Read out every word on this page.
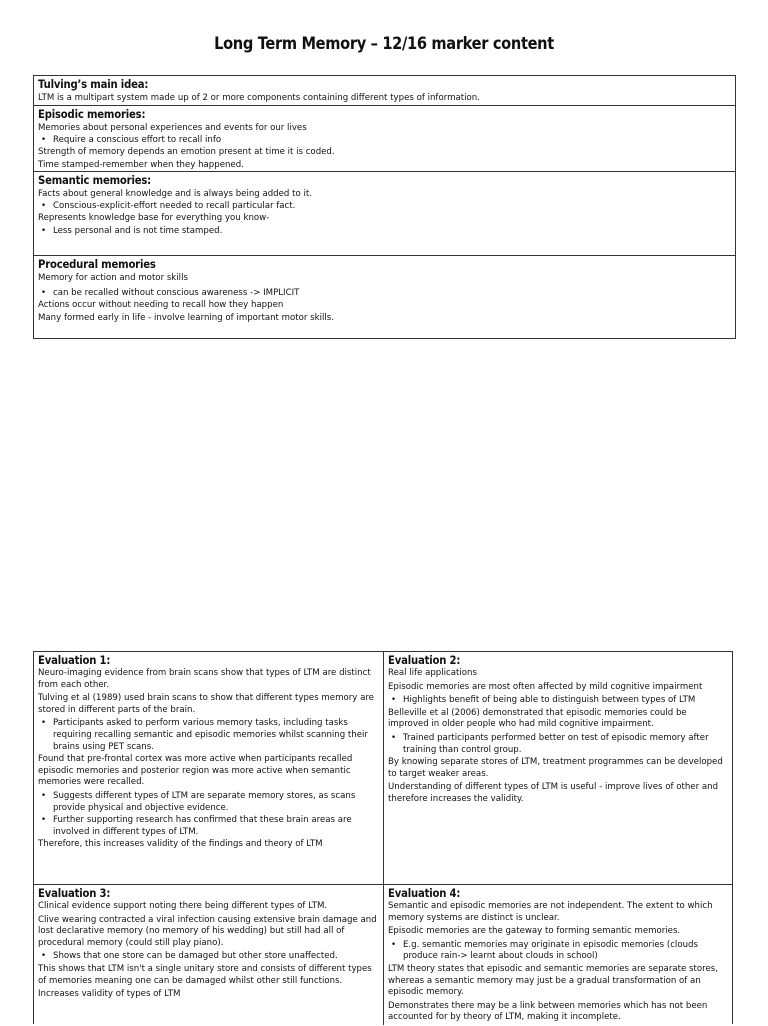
Long Term Memory – 12/16 marker content
Tulving’s main idea:
LTM is a multipart system made up of 2 or more components containing different types of information.
Episodic memories:
Memories about personal experiences and events for our lives
• Require a conscious effort to recall info
Strength of memory depends an emotion present at time it is coded.
Time stamped-remember when they happened.
Semantic memories:
Facts about general knowledge and is always being added to it.
• Conscious-explicit-effort needed to recall particular fact.
Represents knowledge base for everything you know-
• Less personal and is not time stamped.
Procedural memories
Memory for action and motor skills
• can be recalled without conscious awareness -> IMPLICIT
Actions occur without needing to recall how they happen
Many formed early in life - involve learning of important motor skills.
Evaluation 1:
Neuro-imaging evidence from brain scans show that types of LTM are distinct from each other.
Tulving et al (1989) used brain scans to show that different types memory are stored in different parts of the brain.
• Participants asked to perform various memory tasks, including tasks requiring recalling semantic and episodic memories whilst scanning their brains using PET scans.
Found that pre-frontal cortex was more active when participants recalled episodic memories and posterior region was more active when semantic memories were recalled.
• Suggests different types of LTM are separate memory stores, as scans provide physical and objective evidence.
• Further supporting research has confirmed that these brain areas are involved in different types of LTM.
Therefore, this increases validity of the findings and theory of LTM
Evaluation 2:
Real life applications
Episodic memories are most often affected by mild cognitive impairment
• Highlights benefit of being able to distinguish between types of LTM
Belleville et al (2006) demonstrated that episodic memories could be improved in older people who had mild cognitive impairment.
• Trained participants performed better on test of episodic memory after training than control group.
By knowing separate stores of LTM, treatment programmes can be developed to target weaker areas.
Understanding of different types of LTM is useful - improve lives of other and therefore increases the validity.
Evaluation 3:
Clinical evidence support noting there being different types of LTM.
Clive wearing contracted a viral infection causing extensive brain damage and lost declarative memory (no memory of his wedding) but still had all of procedural memory (could still play piano).
• Shows that one store can be damaged but other store unaffected.
This shows that LTM isn't a single unitary store and consists of different types of memories meaning one can be damaged whilst other still functions.
Increases validity of types of LTM
Evaluation 4:
Semantic and episodic memories are not independent. The extent to which memory systems are distinct is unclear.
Episodic memories are the gateway to forming semantic memories.
• E.g. semantic memories may originate in episodic memories (clouds produce rain-> learnt about clouds in school)
LTM theory states that episodic and semantic memories are separate stores, whereas a semantic memory may just be a gradual transformation of an episodic memory.
Demonstrates there may be a link between memories which has not been accounted for by theory of LTM, making it incomplete.
